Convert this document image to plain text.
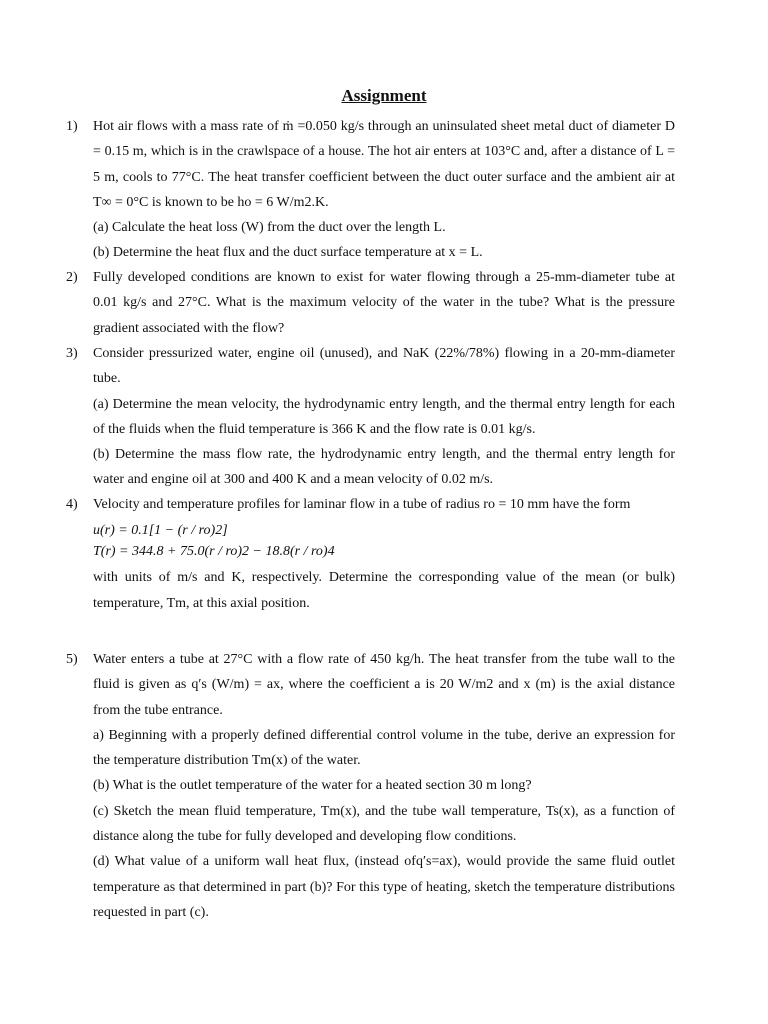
Assignment
1)	Hot air flows with a mass rate of ṁ =0.050 kg/s through an uninsulated sheet metal duct of diameter D = 0.15 m, which is in the crawlspace of a house. The hot air enters at 103°C and, after a distance of L = 5 m, cools to 77°C. The heat transfer coefficient between the duct outer surface and the ambient air at T∞ = 0°C is known to be ho = 6 W/m2.K.

(a) Calculate the heat loss (W) from the duct over the length L.

(b) Determine the heat flux and the duct surface temperature at x = L.

2)	Fully developed conditions are known to exist for water flowing through a 25-mm-diameter tube at 0.01 kg/s and 27°C. What is the maximum velocity of the water in the tube? What is the pressure gradient associated with the flow?

3)	Consider pressurized water, engine oil (unused), and NaK (22%/78%) flowing in a 20-mm-diameter tube.

(a) Determine the mean velocity, the hydrodynamic entry length, and the thermal entry length for each of the fluids when the fluid temperature is 366 K and the flow rate is 0.01 kg/s.

(b) Determine the mass flow rate, the hydrodynamic entry length, and the thermal entry length for water and engine oil at 300 and 400 K and a mean velocity of 0.02 m/s.

4)	Velocity and temperature profiles for laminar flow in a tube of radius ro = 10 mm have the form

u(r) = 0.1[1 − (r / ro)2]

T(r) = 344.8 + 75.0(r / ro)2 − 18.8(r / ro)4

with units of m/s and K, respectively. Determine the corresponding value of the mean (or bulk) temperature, Tm, at this axial position.

5)	Water enters a tube at 27°C with a flow rate of 450 kg/h. The heat transfer from the tube wall to the fluid is given as q′s (W/m) = ax, where the coefficient a is 20 W/m2 and x (m) is the axial distance from the tube entrance.

a) Beginning with a properly defined differential control volume in the tube, derive an expression for the temperature distribution Tm(x) of the water.

(b) What is the outlet temperature of the water for a heated section 30 m long?

(c) Sketch the mean fluid temperature, Tm(x), and the tube wall temperature, Ts(x), as a function of distance along the tube for fully developed and developing flow conditions.

(d) What value of a uniform wall heat flux, (instead ofq′s=ax), would provide the same fluid outlet temperature as that determined in part (b)? For this type of heating, sketch the temperature distributions requested in part (c).
